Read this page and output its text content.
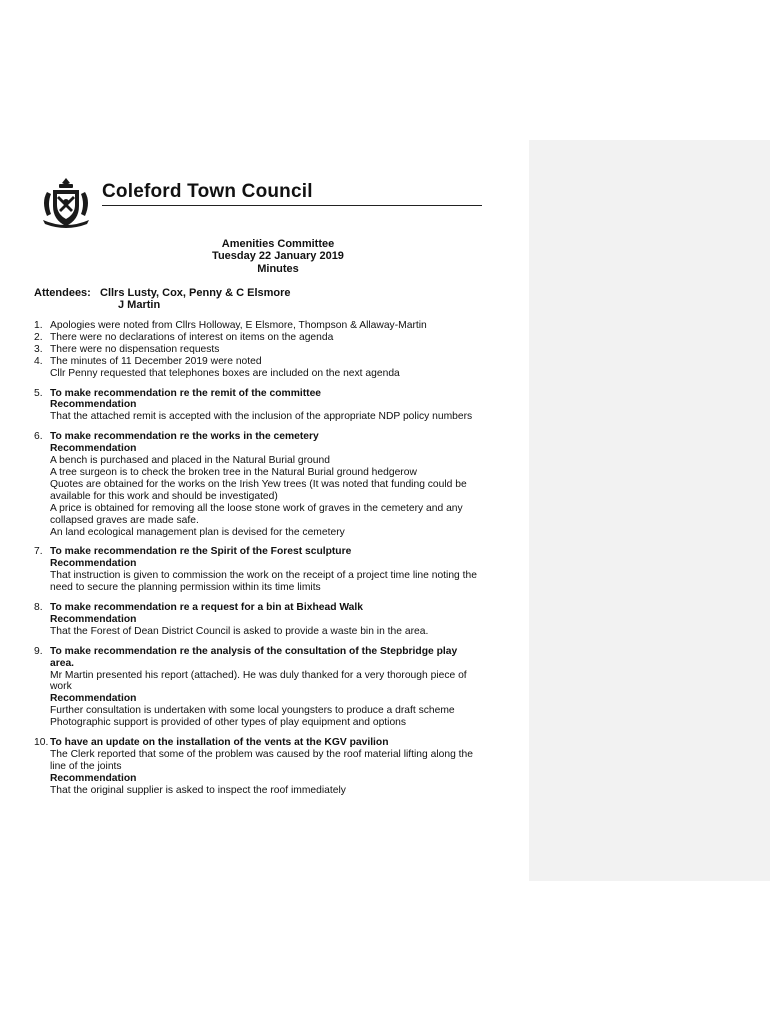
Coleford Town Council
Amenities Committee
Tuesday 22 January 2019
Minutes
Attendees: Cllrs Lusty, Cox, Penny & C Elsmore
J Martin
1. Apologies were noted from Cllrs Holloway, E Elsmore, Thompson & Allaway-Martin
2. There were no declarations of interest on items on the agenda
3. There were no dispensation requests
4. The minutes of 11 December 2019 were noted
Cllr Penny requested that telephones boxes are included on the next agenda
5. To make recommendation re the remit of the committee
Recommendation
That the attached remit is accepted with the inclusion of the appropriate NDP policy numbers
6. To make recommendation re the works in the cemetery
Recommendation
A bench is purchased and placed in the Natural Burial ground
A tree surgeon is to check the broken tree in the Natural Burial ground hedgerow
Quotes are obtained for the works on the Irish Yew trees (It was noted that funding could be
available for this work and should be investigated)
A price is obtained for removing all the loose stone work of graves in the cemetery and any
collapsed graves are made safe.
An land ecological management plan is devised for the cemetery
7. To make recommendation re the Spirit of the Forest sculpture
Recommendation
That instruction is given to commission the work on the receipt of a project time line noting the
need to secure the planning permission within its time limits
8. To make recommendation re a request for a bin at Bixhead Walk
Recommendation
That the Forest of Dean District Council is asked to provide a waste bin in the area.
9. To make recommendation re the analysis of the consultation of the Stepbridge play
area.
Mr Martin presented his report (attached). He was duly thanked for a very thorough piece of
work
Recommendation
Further consultation is undertaken with some local youngsters to produce a draft scheme
Photographic support is provided of other types of play equipment and options
10. To have an update on the installation of the vents at the KGV pavilion
The Clerk reported that some of the problem was caused by the roof material lifting along the
line of the joints
Recommendation
That the original supplier is asked to inspect the roof immediately
